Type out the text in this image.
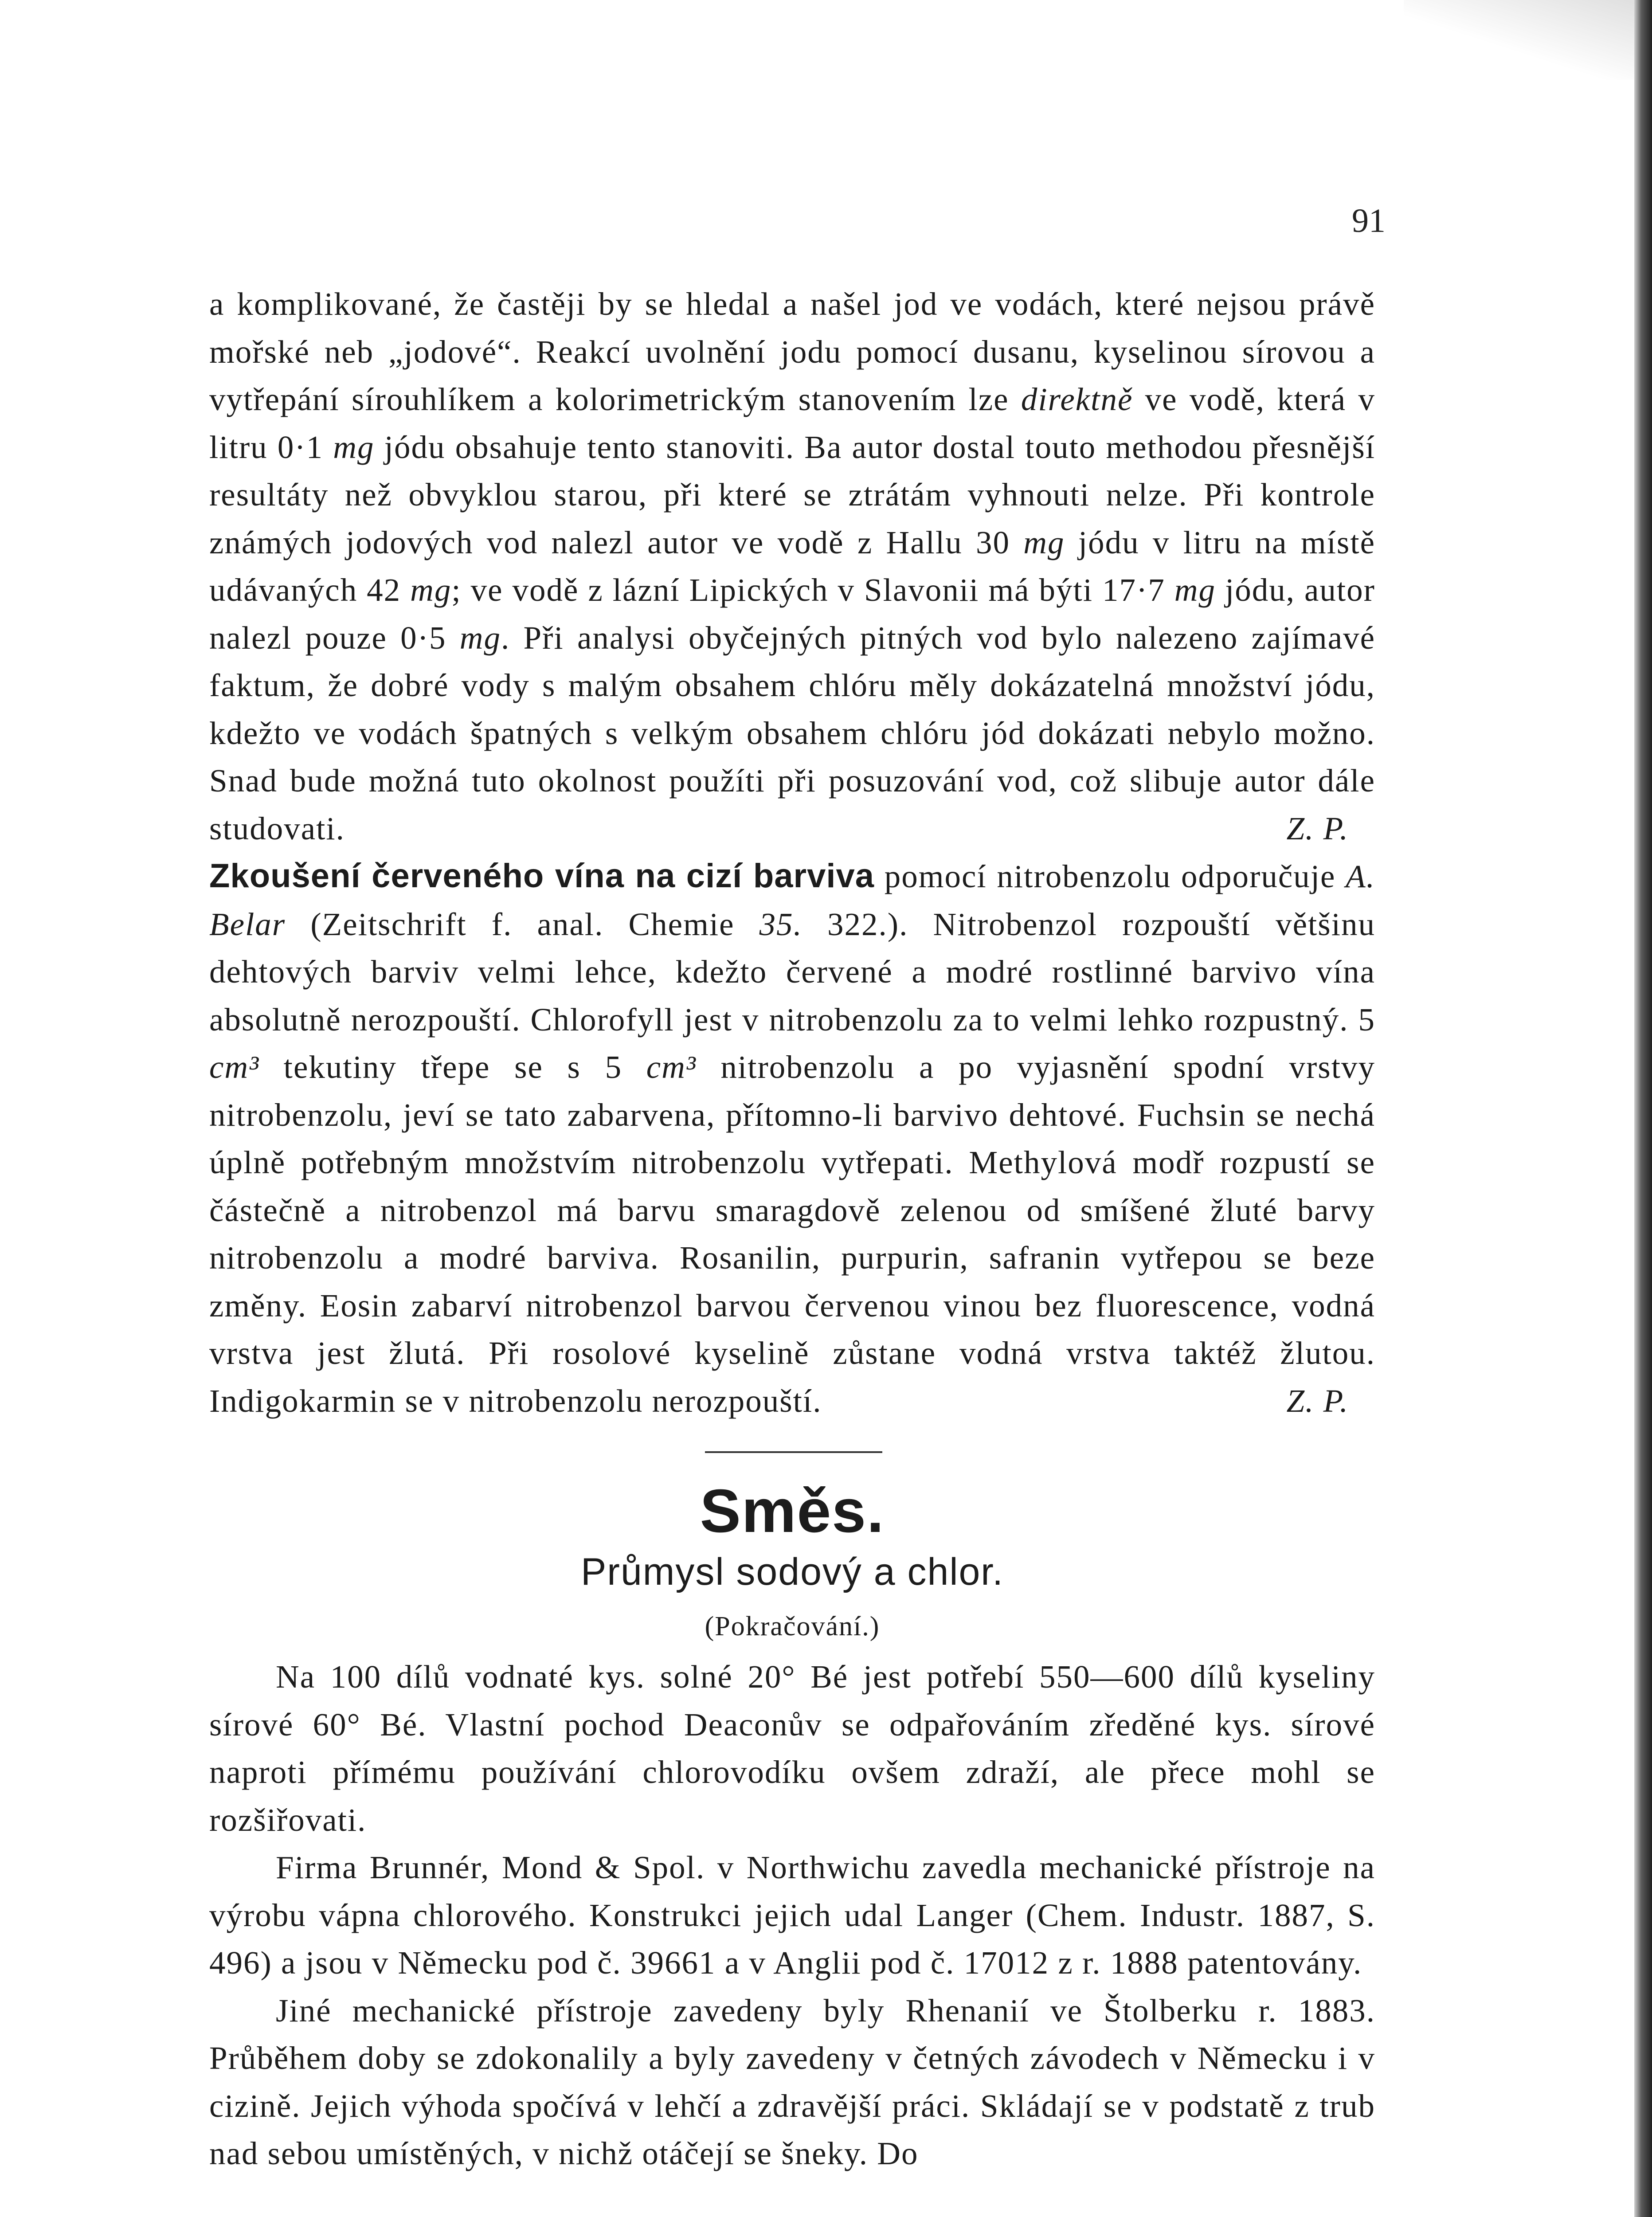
91

a komplikované, že častěji by se hledal a našel jod ve vodách, které nejsou právě mořské neb „jodové“. Reakcí uvolnění jodu pomocí dusanu, kyselinou sírovou a vytřepání sírouhlíkem a kolorimetrickým stanovením lze direktně ve vodě, která v litru 0·1 mg jódu obsahuje tento stanoviti. Ba autor dostal touto methodou přesnější resultáty než obvyklou starou, při které se ztrátám vyhnouti nelze. Při kontrole známých jodových vod nalezl autor ve vodě z Hallu 30 mg jódu v litru na místě udávaných 42 mg; ve vodě z lázní Lipických v Slavonii má býti 17·7 mg jódu, autor nalezl pouze 0·5 mg. Při analysi obyčejných pitných vod bylo nalezeno zajímavé faktum, že dobré vody s malým obsahem chlóru měly dokázatelná množství jódu, kdežto ve vodách špatných s velkým obsahem chlóru jód dokázati nebylo možno. Snad bude možná tuto okolnost použíti při posuzování vod, což slibuje autor dále studovati.	Z. P.

Zkoušení červeného vína na cizí barviva pomocí nitrobenzolu odporučuje A. Belar (Zeitschrift f. anal. Chemie 35. 322.). Nitrobenzol rozpouští většinu dehtových barviv velmi lehce, kdežto červené a modré rostlinné barvivo vína absolutně nerozpouští. Chlorofyll jest v nitrobenzolu za to velmi lehko rozpustný. 5 cm³ tekutiny třepe se s 5 cm³ nitrobenzolu a po vyjasnění spodní vrstvy nitrobenzolu, jeví se tato zabarvena, přítomno-li barvivo dehtové. Fuchsin se nechá úplně potřebným množstvím nitrobenzolu vytřepati. Methylová modř rozpustí se částečně a nitrobenzol má barvu smaragdově zelenou od smíšené žluté barvy nitrobenzolu a modré barviva. Rosanilin, purpurin, safranin vytřepou se beze změny. Eosin zabarví nitrobenzol barvou červenou vinou bez fluorescence, vodná vrstva jest žlutá. Při rosolové kyselině zůstane vodná vrstva taktéž žlutou. Indigokarmin se v nitrobenzolu nerozpouští.	Z. P.

Směs.
Průmysl sodový a chlor.
(Pokračování.)

Na 100 dílů vodnaté kys. solné 20° Bé jest potřebí 550—600 dílů kyseliny sírové 60° Bé. Vlastní pochod Deaconův se odpařováním zředěné kys. sírové naproti přímému používání chlorovodíku ovšem zdraží, ale přece mohl se rozšiřovati.

Firma Brunnér, Mond & Spol. v Northwichu zavedla mechanické přístroje na výrobu vápna chlorového. Konstrukci jejich udal Langer (Chem. Industr. 1887, S. 496) a jsou v Německu pod č. 39661 a v Anglii pod č. 17012 z r. 1888 patentovány.

Jiné mechanické přístroje zavedeny byly Rhenanií ve Štolberku r. 1883. Průběhem doby se zdokonalily a byly zavedeny v četných závodech v Německu i v cizině. Jejich výhoda spočívá v lehčí a zdravější práci. Skládají se v podstatě z trub nad sebou umístěných, v nichž otáčejí se šneky. Do
